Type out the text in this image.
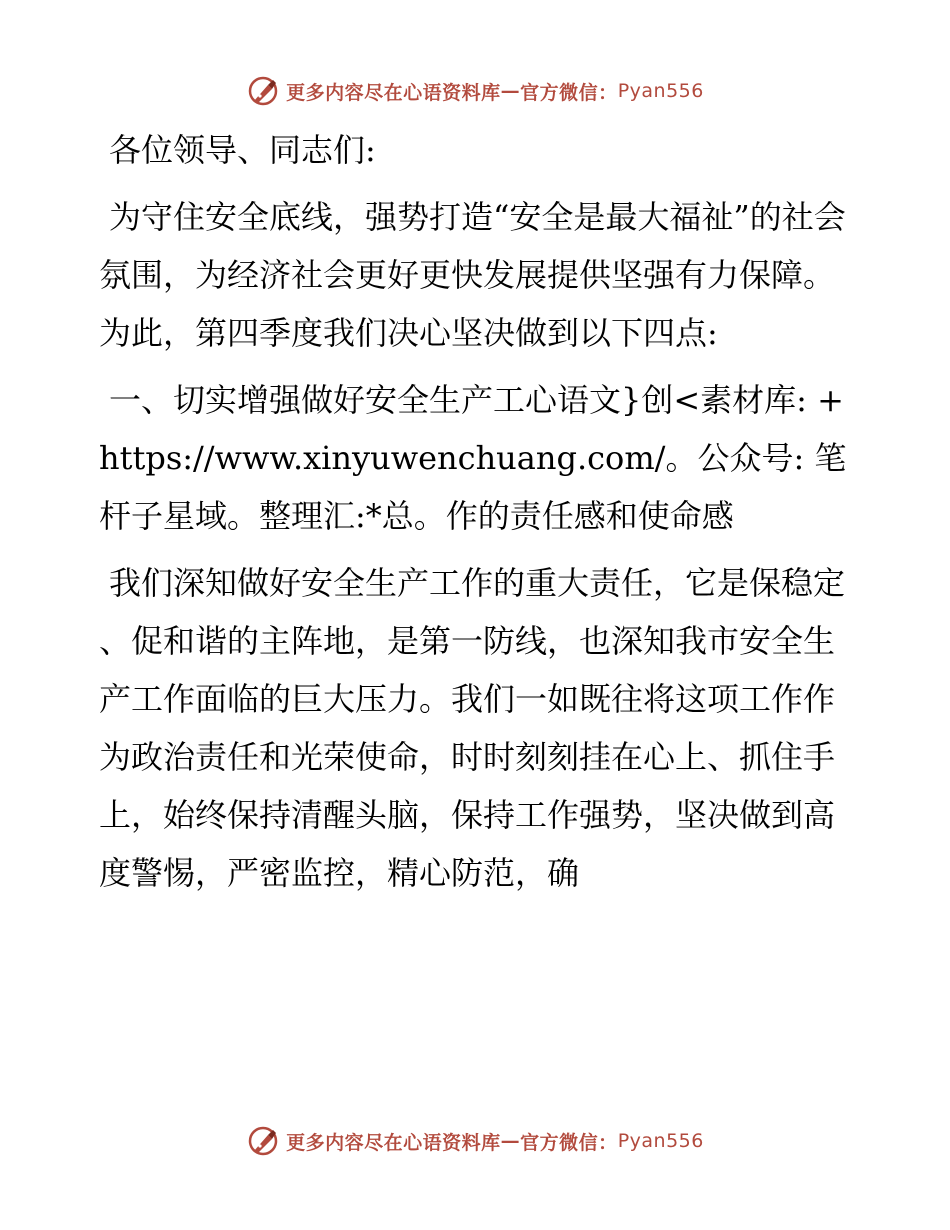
更多内容尽在心语资料库 — 官方微信： Pyan556

各位领导、同志们:

为守住安全底线，强势打造“安全是最大福祉”的社会氛围，为经济社会更好更快发展提供坚强有力保障。为此，第四季度我们决心坚决做到以下四点:

一、切实增强做好安全生产工心语文}创<素材库: +https://www.xinyuwenchuang.com/。公众号: 笔杆子星域。整理汇:*总。作的责任感和使命感

我们深知做好安全生产工作的重大责任，它是保稳定、促和谐的主阵地，是第一防线，也深知我市安全生产工作面临的巨大压力。我们一如既往将这项工作作为政治责任和光荣使命，时时刻刻挂在心上、抓住手上，始终保持清醒头脑，保持工作强势，坚决做到高度警惕，严密监控，精心防范，确

更多内容尽在心语资料库 — 官方微信： Pyan556
